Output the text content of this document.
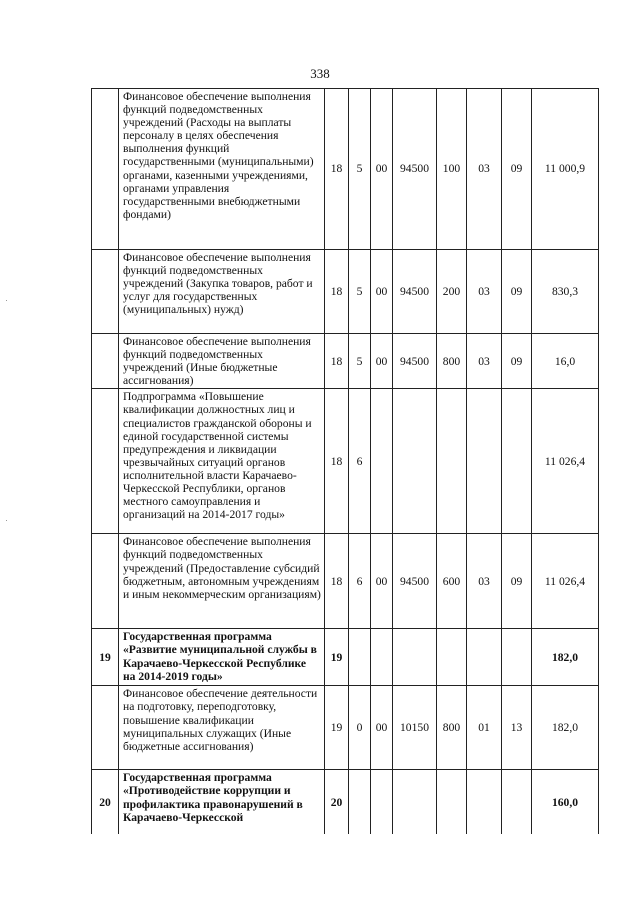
338
	Финансовое обеспечение выполнения функций подведомственных учреждений (Расходы на выплаты персоналу в целях обеспечения выполнения функций государственными (муниципальными) органами, казенными учреждениями, органами управления государственными внебюджетными фондами)	18	5	00	94500	100	03	09	11 000,9
	Финансовое обеспечение выполнения функций подведомственных учреждений (Закупка товаров, работ и услуг для государственных (муниципальных) нужд)	18	5	00	94500	200	03	09	830,3
	Финансовое обеспечение выполнения функций подведомственных учреждений (Иные бюджетные ассигнования)	18	5	00	94500	800	03	09	16,0
	Подпрограмма «Повышение квалификации должностных лиц и специалистов гражданской обороны и единой государственной системы предупреждения и ликвидации чрезвычайных ситуаций органов исполнительной власти Карачаево-Черкесской Республики, органов местного самоуправления и организаций на 2014-2017 годы»	18	6						11 026,4
	Финансовое обеспечение выполнения функций подведомственных учреждений (Предоставление субсидий бюджетным, автономным учреждениям и иным некоммерческим организациям)	18	6	00	94500	600	03	09	11 026,4
19	Государственная программа «Развитие муниципальной службы в Карачаево-Черкесской Республике на 2014-2019 годы»	19							182,0
	Финансовое обеспечение деятельности на подготовку, переподготовку, повышение квалификации муниципальных служащих (Иные бюджетные ассигнования)	19	0	00	10150	800	01	13	182,0
20	Государственная программа «Противодействие коррупции и профилактика правонарушений в Карачаево-Черкесской	20							160,0
